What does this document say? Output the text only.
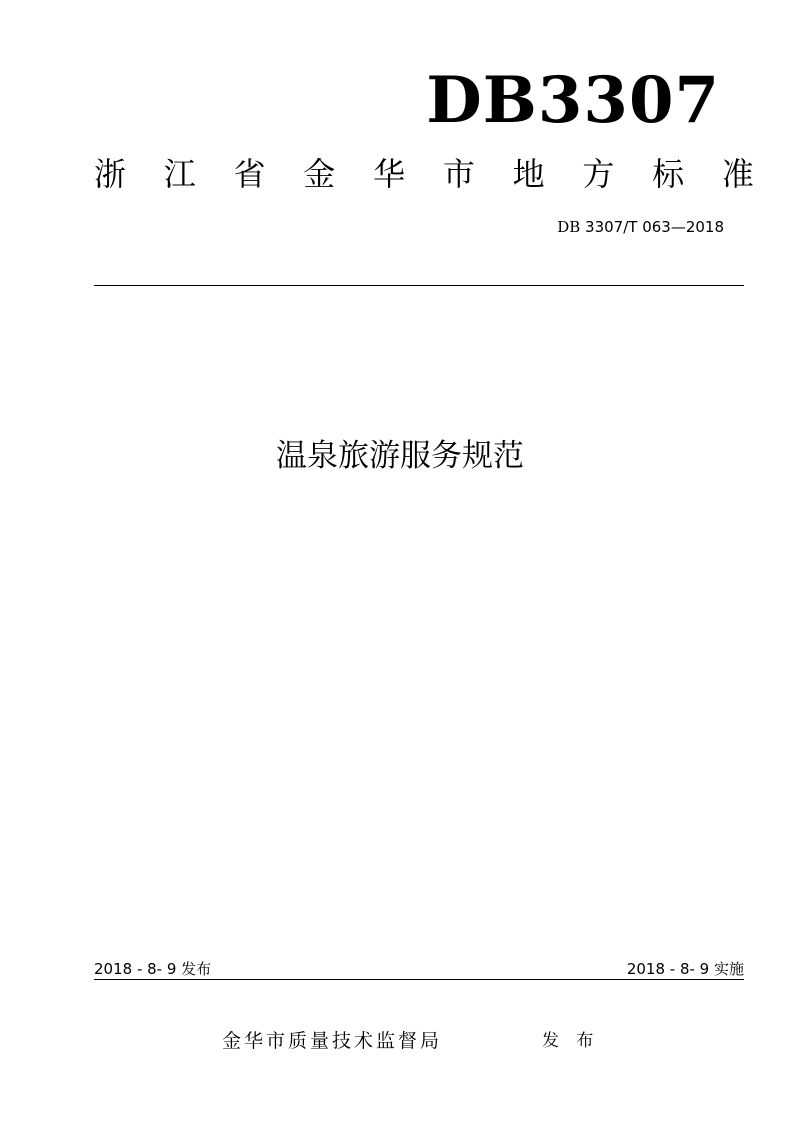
DB3307
浙 江 省 金 华 市 地 方 标 准
DB 3307/T 063—2018
温泉旅游服务规范
2018 - 8- 9 发布	2018 - 8- 9 实施
金华市质量技术监督局	发 布
